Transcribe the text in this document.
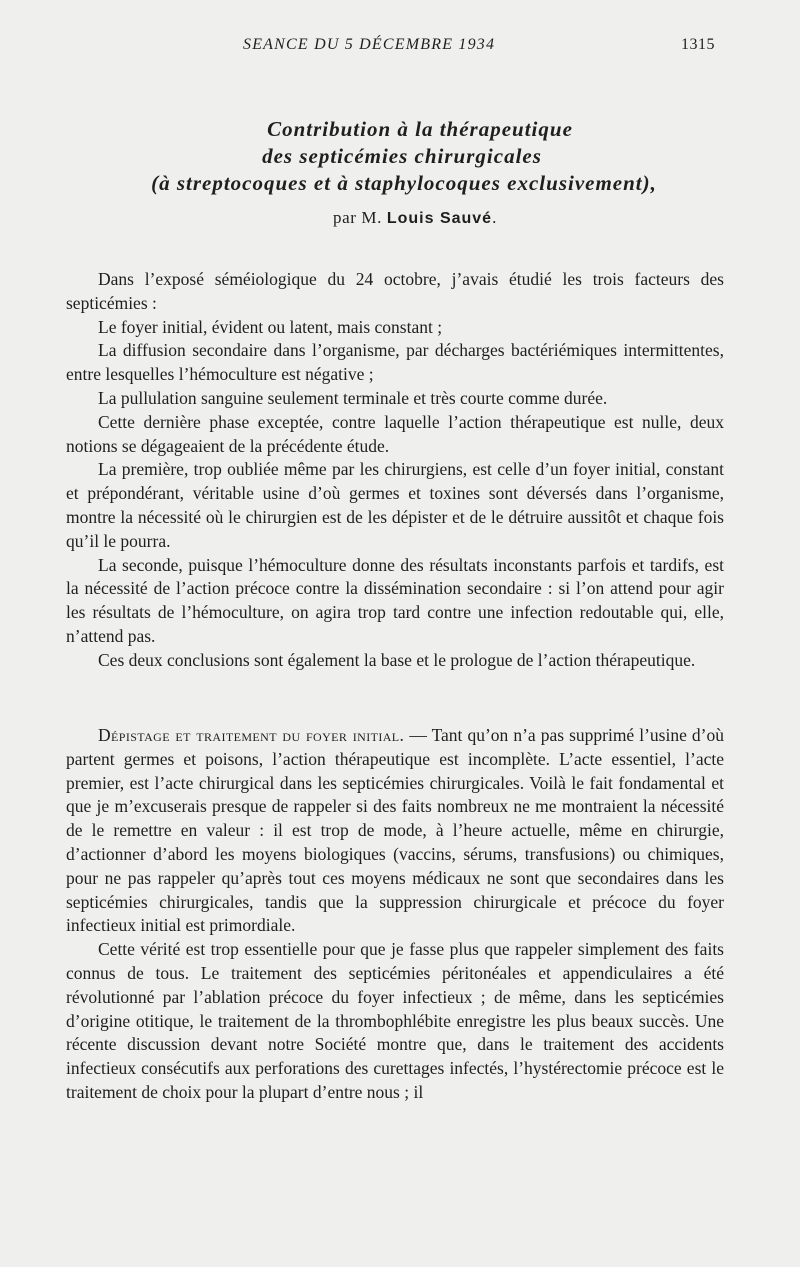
SEANCE DU 5 DÉCEMBRE 1934	1315
Contribution à la thérapeutique
des septicémies chirurgicales
(à streptocoques et à staphylocoques exclusivement),
par M. Louis Sauvé.

Dans l’exposé séméiologique du 24 octobre, j’avais étudié les trois facteurs des septicémies :

Le foyer initial, évident ou latent, mais constant ;

La diffusion secondaire dans l’organisme, par décharges bactériémiques intermittentes, entre lesquelles l’hémoculture est négative ;

La pullulation sanguine seulement terminale et très courte comme durée.

Cette dernière phase exceptée, contre laquelle l’action thérapeutique est nulle, deux notions se dégageaient de la précédente étude.

La première, trop oubliée même par les chirurgiens, est celle d’un foyer initial, constant et prépondérant, véritable usine d’où germes et toxines sont déversés dans l’organisme, montre la nécessité où le chirurgien est de les dépister et de le détruire aussitôt et chaque fois qu’il le pourra.

La seconde, puisque l’hémoculture donne des résultats inconstants parfois et tardifs, est la nécessité de l’action précoce contre la dissémination secondaire : si l’on attend pour agir les résultats de l’hémoculture, on agira trop tard contre une infection redoutable qui, elle, n’attend pas.

Ces deux conclusions sont également la base et le prologue de l’action thérapeutique.

Dépistage et traitement du foyer initial. — Tant qu’on n’a pas supprimé l’usine d’où partent germes et poisons, l’action thérapeutique est incomplète. L’acte essentiel, l’acte premier, est l’acte chirurgical dans les septicémies chirurgicales. Voilà le fait fondamental et que je m’excuserais presque de rappeler si des faits nombreux ne me montraient la nécessité de le remettre en valeur : il est trop de mode, à l’heure actuelle, même en chirurgie, d’actionner d’abord les moyens biologiques (vaccins, sérums, transfusions) ou chimiques, pour ne pas rappeler qu’après tout ces moyens médicaux ne sont que secondaires dans les septicémies chirurgicales, tandis que la suppression chirurgicale et précoce du foyer infectieux initial est primordiale.

Cette vérité est trop essentielle pour que je fasse plus que rappeler simplement des faits connus de tous. Le traitement des septicémies péritonéales et appendiculaires a été révolutionné par l’ablation précoce du foyer infectieux ; de même, dans les septicémies d’origine otitique, le traitement de la thrombophlébite enregistre les plus beaux succès. Une récente discussion devant notre Société montre que, dans le traitement des accidents infectieux consécutifs aux perforations des curettages infectés, l’hystérectomie précoce est le traitement de choix pour la plupart d’entre nous ; il
